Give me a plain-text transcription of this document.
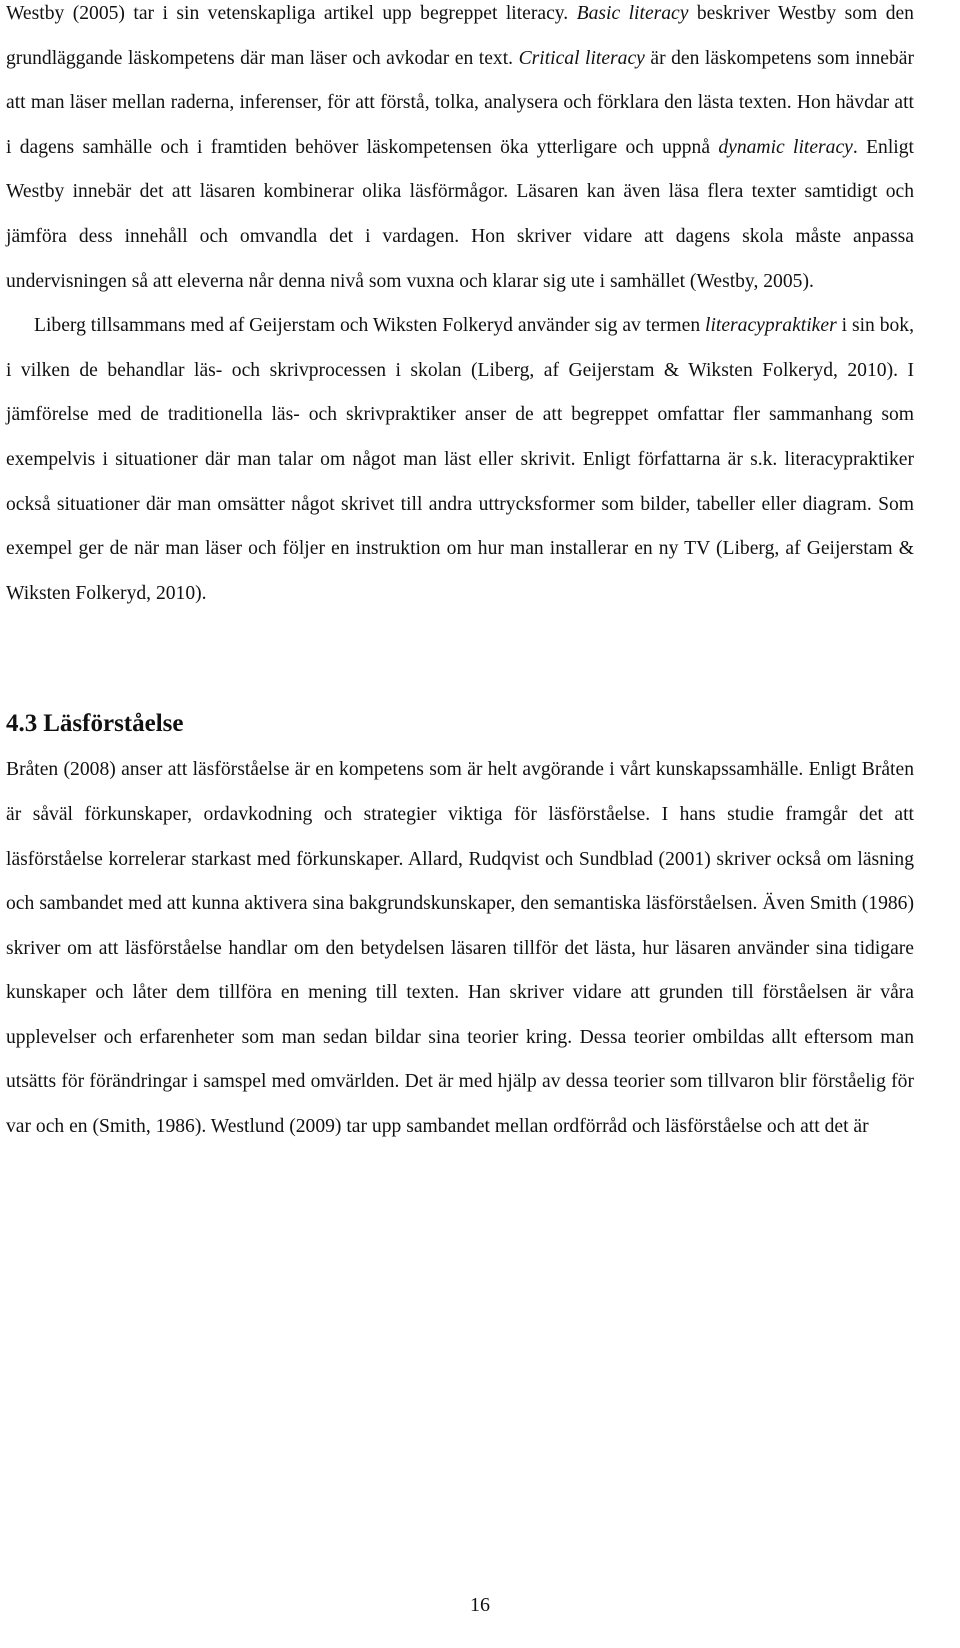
Westby (2005) tar i sin vetenskapliga artikel upp begreppet literacy. Basic literacy beskriver Westby som den grundläggande läskompetens där man läser och avkodar en text. Critical literacy är den läskompetens som innebär att man läser mellan raderna, inferenser, för att förstå, tolka, analysera och förklara den lästa texten. Hon hävdar att i dagens samhälle och i framtiden behöver läskompetensen öka ytterligare och uppnå dynamic literacy. Enligt Westby innebär det att läsaren kombinerar olika läsförmågor. Läsaren kan även läsa flera texter samtidigt och jämföra dess innehåll och omvandla det i vardagen. Hon skriver vidare att dagens skola måste anpassa undervisningen så att eleverna når denna nivå som vuxna och klarar sig ute i samhället (Westby, 2005).

Liberg tillsammans med af Geijerstam och Wiksten Folkeryd använder sig av termen literacypraktiker i sin bok, i vilken de behandlar läs- och skrivprocessen i skolan (Liberg, af Geijerstam & Wiksten Folkeryd, 2010). I jämförelse med de traditionella läs- och skrivpraktiker anser de att begreppet omfattar fler sammanhang som exempelvis i situationer där man talar om något man läst eller skrivit. Enligt författarna är s.k. literacypraktiker också situationer där man omsätter något skrivet till andra uttrycksformer som bilder, tabeller eller diagram. Som exempel ger de när man läser och följer en instruktion om hur man installerar en ny TV (Liberg, af Geijerstam & Wiksten Folkeryd, 2010).

4.3 Läsförståelse

Bråten (2008) anser att läsförståelse är en kompetens som är helt avgörande i vårt kunskapssamhälle. Enligt Bråten är såväl förkunskaper, ordavkodning och strategier viktiga för läsförståelse. I hans studie framgår det att läsförståelse korrelerar starkast med förkunskaper. Allard, Rudqvist och Sundblad (2001) skriver också om läsning och sambandet med att kunna aktivera sina bakgrundskunskaper, den semantiska läsförståelsen. Även Smith (1986) skriver om att läsförståelse handlar om den betydelsen läsaren tillför det lästa, hur läsaren använder sina tidigare kunskaper och låter dem tillföra en mening till texten. Han skriver vidare att grunden till förståelsen är våra upplevelser och erfarenheter som man sedan bildar sina teorier kring. Dessa teorier ombildas allt eftersom man utsätts för förändringar i samspel med omvärlden. Det är med hjälp av dessa teorier som tillvaron blir förståelig för var och en (Smith, 1986). Westlund (2009) tar upp sambandet mellan ordförråd och läsförståelse och att det är

16
